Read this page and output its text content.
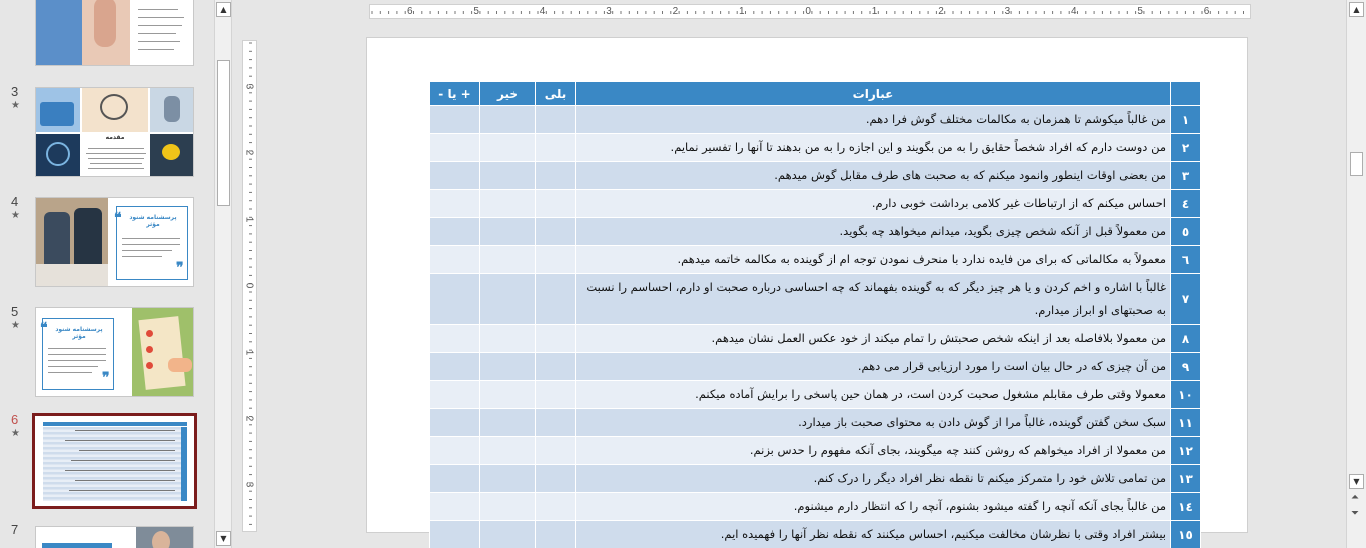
3
★
مقدمه
4
★	❝	پرسشنامه شنود مؤثر
❞
5
★ ❝	پرسشنامه شنود مؤثر
❞
6
★
7
▲
▼
6	5	4	3	2	1	0	1	2	3	4	5	6
3
2
1
0
1
2
3
	عبارات	بلی	خیر	+ یا -
۱	من غالباً میکوشم تا همزمان به مکالمات مختلف گوش فرا دهم.			
۲	من دوست دارم که افراد شخصاً حقایق را به من بگویند و این اجازه را به من بدهند تا آنها را تفسیر نمایم.			
۳	من بعضی اوقات اینطور وانمود میکنم که به صحبت های طرف مقابل گوش میدهم.			
٤	احساس میکنم که از ارتباطات غیر کلامی برداشت خوبی دارم.			
٥	من معمولاً قبل از آنکه شخص چیزی بگوید، میدانم میخواهد چه بگوید.			
٦	معمولاً به مکالماتی که برای من فایده ندارد با منحرف نمودن توجه ام از گوینده به مکالمه خاتمه میدهم.			
۷	غالباً با اشاره و اخم کردن و یا هر چیز دیگر که به گوینده بفهماند که چه احساسی درباره صحبت او دارم، احساسم را نسبت به صحبتهای او ابراز میدارم.			
۸	من معمولا بلافاصله بعد از اینکه شخص صحبتش را تمام میکند از خود عکس العمل نشان میدهم.			
۹	من آن چیزی که در حال بیان است را مورد ارزیابی قرار می دهم.			
۱۰	معمولا وقتی طرف مقابلم مشغول صحبت کردن است، در همان حین پاسخی را برایش آماده میکنم.			
۱۱	سبک سخن گفتن گوینده، غالباً مرا از گوش دادن به محتوای صحبت باز میدارد.			
۱۲	من معمولا از افراد میخواهم که روشن کنند چه میگویند، بجای آنکه مفهوم را حدس بزنم.			
۱۳	من تمامی تلاش خود را متمرکز میکنم تا نقطه نظر افراد دیگر را درک کنم.			
۱٤	من غالباً بجای آنکه آنچه را گفته میشود بشنوم، آنچه را که انتظار دارم میشنوم.			
۱٥	بیشتر افراد وقتی با نظرشان مخالفت میکنیم، احساس میکنند که نقطه نظر آنها را فهمیده ایم.			
▲
▼
⏶
⏷
